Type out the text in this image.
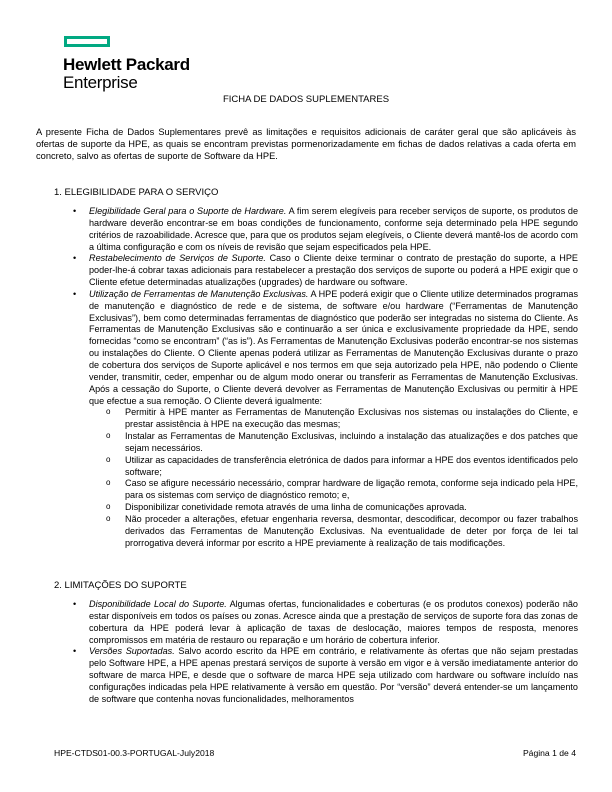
Hewlett Packard
Enterprise
FICHA DE DADOS SUPLEMENTARES
A presente Ficha de Dados Suplementares prevê as limitações e requisitos adicionais de caráter geral que são aplicáveis às ofertas de suporte da HPE, as quais se encontram previstas pormenorizadamente em fichas de dados relativas a cada oferta em concreto, salvo as ofertas de suporte de Software da HPE.
1. ELEGIBILIDADE PARA O SERVIÇO
• Elegibilidade Geral para o Suporte de Hardware. A fim serem elegíveis para receber serviços de suporte, os produtos de hardware deverão encontrar-se em boas condições de funcionamento, conforme seja determinado pela HPE segundo critérios de razoabilidade. Acresce que, para que os produtos sejam elegíveis, o Cliente deverá mantê-los de acordo com a última configuração e com os níveis de revisão que sejam especificados pela HPE.
• Restabelecimento de Serviços de Suporte. Caso o Cliente deixe terminar o contrato de prestação do suporte, a HPE poder-lhe-á cobrar taxas adicionais para restabelecer a prestação dos serviços de suporte ou poderá a HPE exigir que o Cliente efetue determinadas atualizações (upgrades) de hardware ou software.
• Utilização de Ferramentas de Manutenção Exclusivas. A HPE poderá exigir que o Cliente utilize determinados programas de manutenção e diagnóstico de rede e de sistema, de software e/ou hardware (“Ferramentas de Manutenção Exclusivas”), bem como determinadas ferramentas de diagnóstico que poderão ser integradas no sistema do Cliente. As Ferramentas de Manutenção Exclusivas são e continuarão a ser única e exclusivamente propriedade da HPE, sendo fornecidas “como se encontram” (“as is”). As Ferramentas de Manutenção Exclusivas poderão encontrar-se nos sistemas ou instalações do Cliente. O Cliente apenas poderá utilizar as Ferramentas de Manutenção Exclusivas durante o prazo de cobertura dos serviços de Suporte aplicável e nos termos em que seja autorizado pela HPE, não podendo o Cliente vender, transmitir, ceder, empenhar ou de algum modo onerar ou transferir as Ferramentas de Manutenção Exclusivas. Após a cessação do Suporte, o Cliente deverá devolver as Ferramentas de Manutenção Exclusivas ou permitir à HPE que efectue a sua remoção. O Cliente deverá igualmente:
o Permitir à HPE manter as Ferramentas de Manutenção Exclusivas nos sistemas ou instalações do Cliente, e prestar assistência à HPE na execução das mesmas;
o Instalar as Ferramentas de Manutenção Exclusivas, incluindo a instalação das atualizações e dos patches que sejam necessários.
o Utilizar as capacidades de transferência eletrónica de dados para informar a HPE dos eventos identificados pelo software;
o Caso se afigure necessário necessário, comprar hardware de ligação remota, conforme seja indicado pela HPE, para os sistemas com serviço de diagnóstico remoto; e,
o Disponibilizar conetividade remota através de uma linha de comunicações aprovada.
o Não proceder a alterações, efetuar engenharia reversa, desmontar, descodificar, decompor ou fazer trabalhos derivados das Ferramentas de Manutenção Exclusivas. Na eventualidade de deter por força de lei tal prorrogativa deverá informar por escrito a HPE previamente à realização de tais modificações.
2. LIMITAÇÕES DO SUPORTE
• Disponibilidade Local do Suporte. Algumas ofertas, funcionalidades e coberturas (e os produtos conexos) poderão não estar disponíveis em todos os países ou zonas. Acresce ainda que a prestação de serviços de suporte fora das zonas de cobertura da HPE poderá levar à aplicação de taxas de deslocação, maiores tempos de resposta, menores compromissos em matéria de restauro ou reparação e um horário de cobertura inferior.
• Versões Suportadas. Salvo acordo escrito da HPE em contrário, e relativamente às ofertas que não sejam prestadas pelo Software HPE, a HPE apenas prestará serviços de suporte à versão em vigor e à versão imediatamente anterior do software de marca HPE, e desde que o software de marca HPE seja utilizado com hardware ou software incluído nas configurações indicadas pela HPE relativamente à versão em questão. Por “versão” deverá entender-se um lançamento de software que contenha novas funcionalidades, melhoramentos
HPE-CTDS01-00.3-PORTUGAL-July2018	Página 1 de 4
